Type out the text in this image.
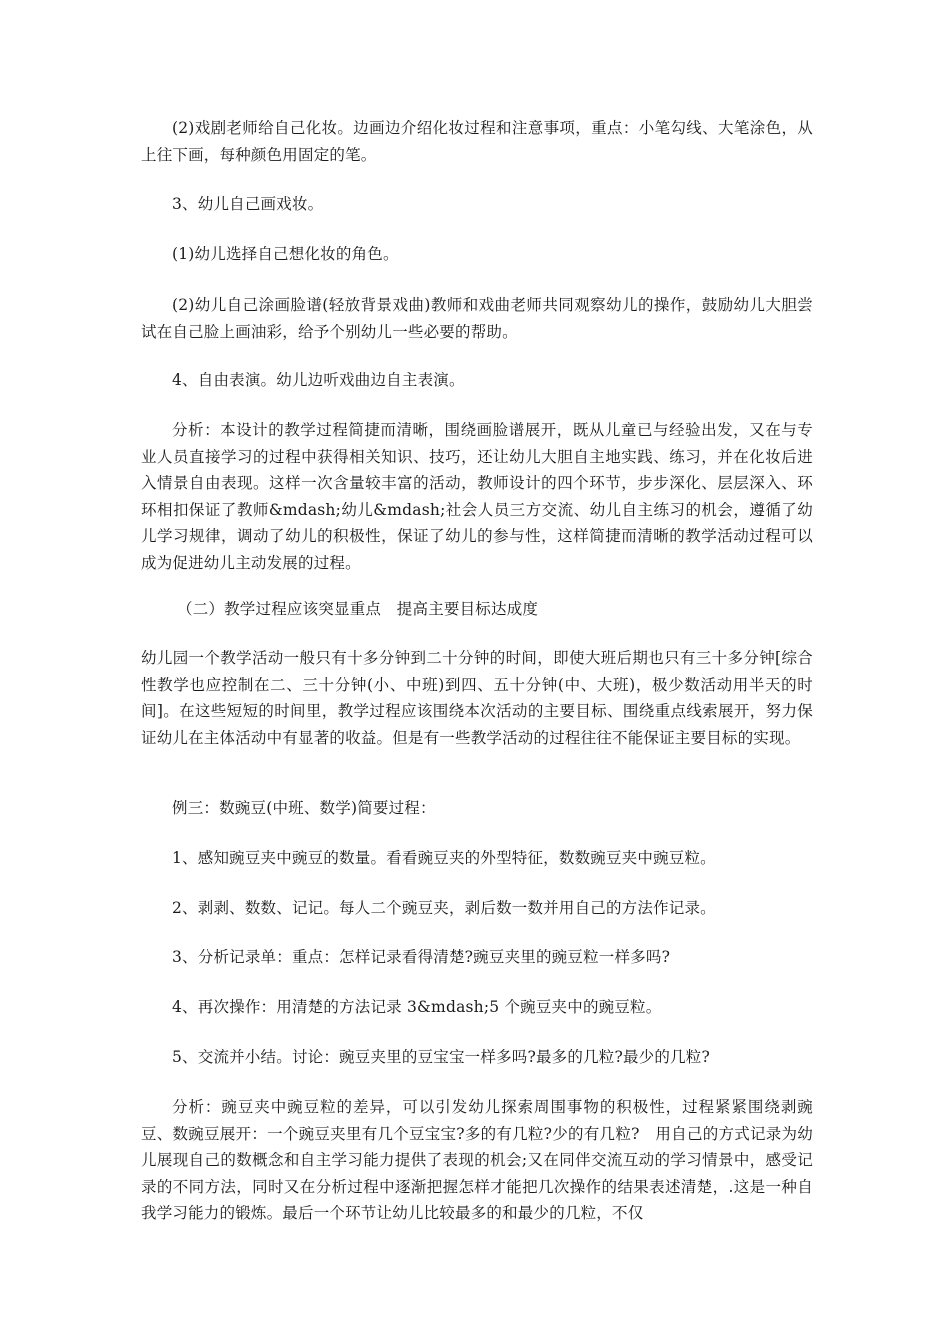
(2)戏剧老师给自己化妆。边画边介绍化妆过程和注意事项，重点：小笔勾线、大笔涂色，从上往下画，每种颜色用固定的笔。

3、幼儿自己画戏妆。

(1)幼儿选择自己想化妆的角色。

(2)幼儿自己涂画脸谱(轻放背景戏曲)教师和戏曲老师共同观察幼儿的操作，鼓励幼儿大胆尝试在自己脸上画油彩，给予个别幼儿一些必要的帮助。

4、自由表演。幼儿边听戏曲边自主表演。

分析：本设计的教学过程简捷而清晰，围绕画脸谱展开，既从儿童已与经验出发，又在与专业人员直接学习的过程中获得相关知识、技巧，还让幼儿大胆自主地实践、练习，并在化妆后进入情景自由表现。这样一次含量较丰富的活动，教师设计的四个环节，步步深化、层层深入、环环相扣保证了教师&mdash;幼儿&mdash;社会人员三方交流、幼儿自主练习的机会，遵循了幼儿学习规律，调动了幼儿的积极性，保证了幼儿的参与性，这样简捷而清晰的教学活动过程可以成为促进幼儿主动发展的过程。

（二）教学过程应该突显重点　提高主要目标达成度

幼儿园一个教学活动一般只有十多分钟到二十分钟的时间，即使大班后期也只有三十多分钟[综合性教学也应控制在二、三十分钟(小、中班)到四、五十分钟(中、大班)，极少数活动用半天的时间]。在这些短短的时间里，教学过程应该围绕本次活动的主要目标、围绕重点线索展开，努力保证幼儿在主体活动中有显著的收益。但是有一些教学活动的过程往往不能保证主要目标的实现。

例三：数豌豆(中班、数学)简要过程：

1、感知豌豆夹中豌豆的数量。看看豌豆夹的外型特征，数数豌豆夹中豌豆粒。

2、剥剥、数数、记记。每人二个豌豆夹，剥后数一数并用自己的方法作记录。

3、分析记录单：重点：怎样记录看得清楚?豌豆夹里的豌豆粒一样多吗?

4、再次操作：用清楚的方法记录 3&mdash;5 个豌豆夹中的豌豆粒。

5、交流并小结。讨论：豌豆夹里的豆宝宝一样多吗?最多的几粒?最少的几粒?

分析：豌豆夹中豌豆粒的差异，可以引发幼儿探索周围事物的积极性，过程紧紧围绕剥豌豆、数豌豆展开：一个豌豆夹里有几个豆宝宝?多的有几粒?少的有几粒?　用自己的方式记录为幼儿展现自己的数概念和自主学习能力提供了表现的机会;又在同伴交流互动的学习情景中，感受记录的不同方法，同时又在分析过程中逐渐把握怎样才能把几次操作的结果表述清楚，.这是一种自我学习能力的锻炼。最后一个环节让幼儿比较最多的和最少的几粒，不仅
